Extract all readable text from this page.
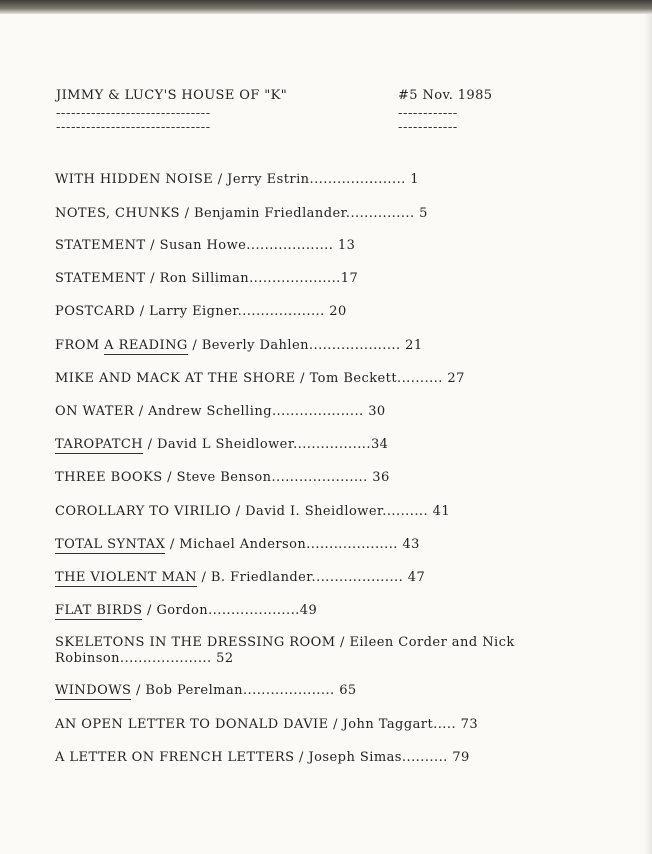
JIMMY & LUCY'S HOUSE OF "K"	#5 Nov. 1985
-------------------------------
-------------------------------
------------
------------
WITH HIDDEN NOISE / Jerry Estrin..................... 1
NOTES, CHUNKS / Benjamin Friedlander............... 5
STATEMENT / Susan Howe................... 13
STATEMENT / Ron Silliman....................17
POSTCARD / Larry Eigner................... 20
FROM A READING / Beverly Dahlen.................... 21
MIKE AND MACK AT THE SHORE / Tom Beckett.......... 27
ON WATER / Andrew Schelling.................... 30
TAROPATCH / David L Sheidlower.................34
THREE BOOKS / Steve Benson..................... 36
COROLLARY TO VIRILIO / David I. Sheidlower.......... 41
TOTAL SYNTAX / Michael Anderson.................... 43
THE VIOLENT MAN / B. Friedlander.................... 47
FLAT BIRDS / Gordon....................49
SKELETONS IN THE DRESSING ROOM / Eileen Corder and Nick Robinson.................... 52
WINDOWS / Bob Perelman.................... 65
AN OPEN LETTER TO DONALD DAVIE / John Taggart..... 73
A LETTER ON FRENCH LETTERS / Joseph Simas.......... 79
